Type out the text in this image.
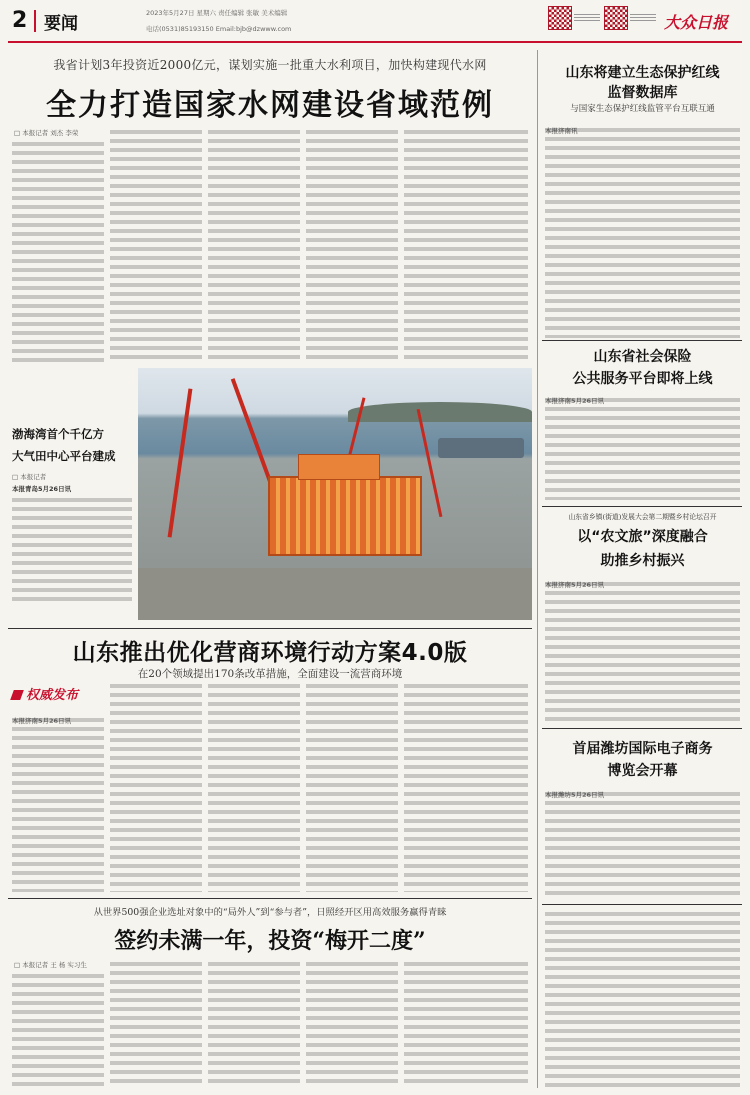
2 要闻
2023年5月27日 星期六 责任编辑 张敏 美术编辑
电话(0531)85193150 Email:bjb@dzwww.com	大众日报
我省计划3年投资近2000亿元，谋划实施一批重大水利项目，加快构建现代水网
全力打造国家水网建设省域范例
□ 本报记者 刘杰 李荣
渤海湾首个千亿方
大气田中心平台建成
□ 本报记者
本报青岛5月26日讯
山东将建立生态保护红线
监督数据库
与国家生态保护红线监管平台互联互通
本报济南讯
山东省社会保险
公共服务平台即将上线
本报济南5月26日讯
山东省乡镇(街道)发展大会第二期暨乡村论坛召开
以“农文旅”深度融合
助推乡村振兴
本报济南5月26日讯
首届潍坊国际电子商务
博览会开幕
本报潍坊5月26日讯
山东推出优化营商环境行动方案4.0版
在20个领域提出170条改革措施，全面建设一流营商环境
权威发布
本报济南5月26日讯
从世界500强企业选址对象中的“局外人”到“参与者”，日照经开区用高效服务赢得青睐
签约未满一年，投资“梅开二度”
□ 本报记者 王 杨 实习生
